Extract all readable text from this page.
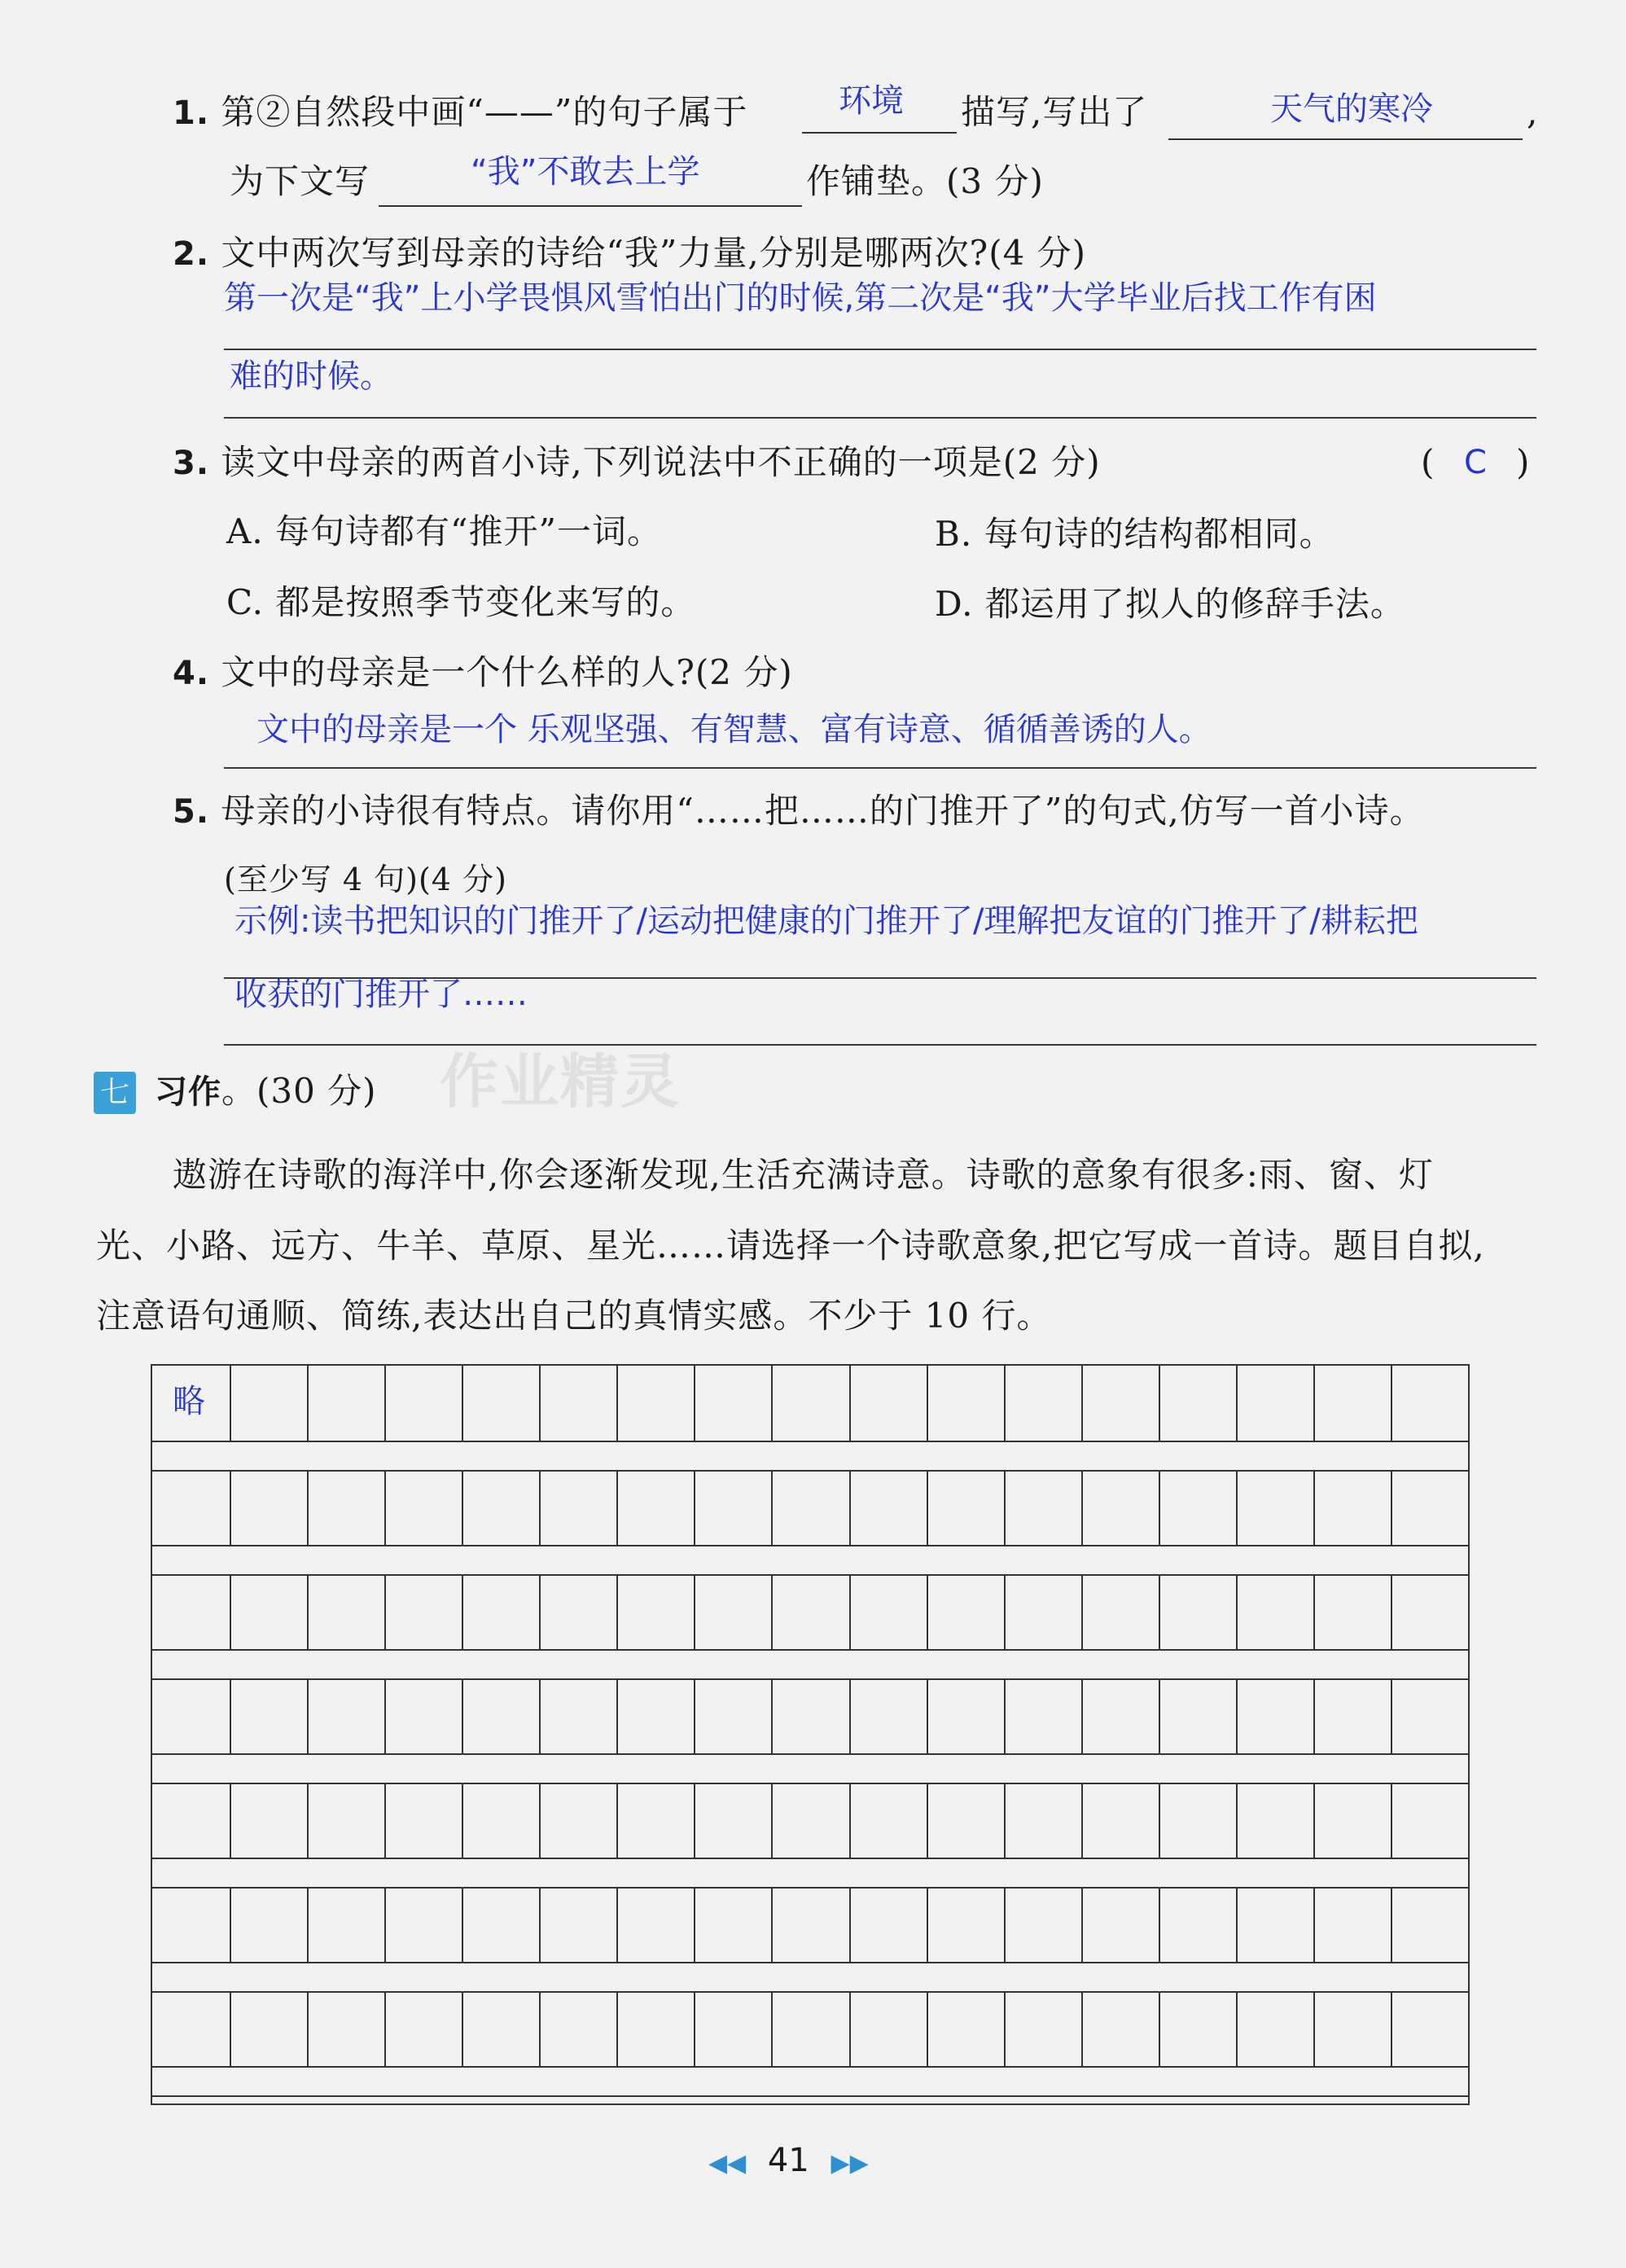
作业精灵
1. 第②自然段中画“——”的句子属于	环境 描写,写出了	天气的寒冷	,
为下文写	“我”不敢去上学	作铺垫。(3 分)
2. 文中两次写到母亲的诗给“我”力量,分别是哪两次?(4 分)
第一次是“我”上小学畏惧风雪怕出门的时候,第二次是“我”大学毕业后找工作有困
难的时候。
3. 读文中母亲的两首小诗,下列说法中不正确的一项是(2 分)	( C )
A. 每句诗都有“推开”一词。	B. 每句诗的结构都相同。
C. 都是按照季节变化来写的。	D. 都运用了拟人的修辞手法。
4. 文中的母亲是一个什么样的人?(2 分)
文中的母亲是一个 乐观坚强、有智慧、富有诗意、循循善诱的人。
5. 母亲的小诗很有特点。请你用“……把……的门推开了”的句式,仿写一首小诗。
(至少写 4 句)(4 分)
示例:读书把知识的门推开了/运动把健康的门推开了/理解把友谊的门推开了/耕耘把
收获的门推开了……
七 习作。(30 分)
遨游在诗歌的海洋中,你会逐渐发现,生活充满诗意。诗歌的意象有很多:雨、窗、灯
光、小路、远方、牛羊、草原、星光……请选择一个诗歌意象,把它写成一首诗。题目自拟,
注意语句通顺、简练,表达出自己的真情实感。不少于 10 行。
略
◀◀ 41 ▶▶
